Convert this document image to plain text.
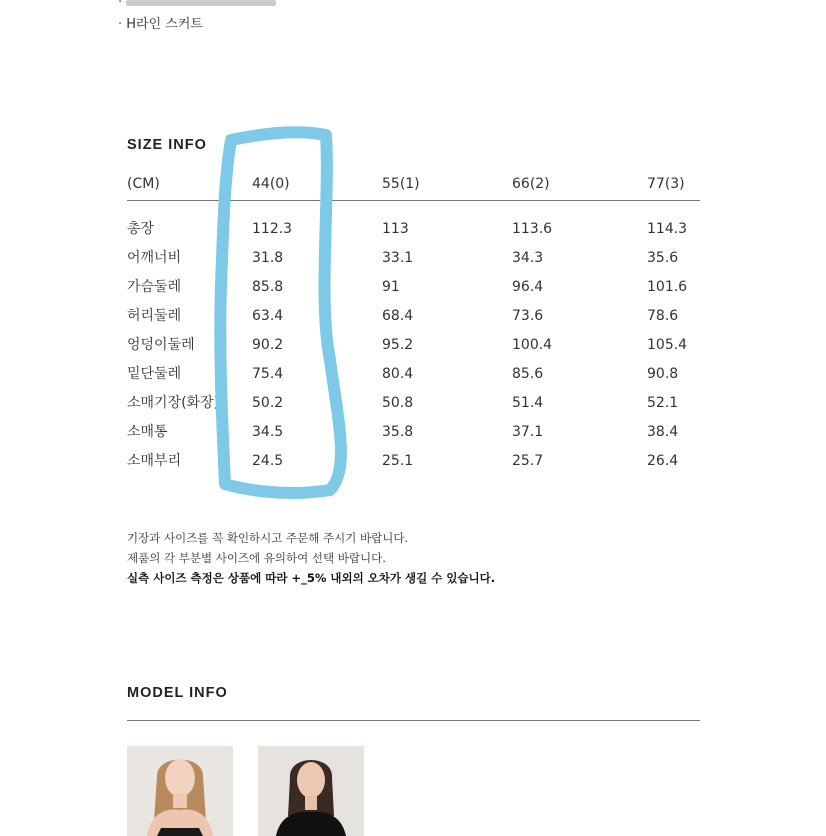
·
· H라인 스커트
SIZE INFO
(CM)	44(0)	55(1)	66(2)	77(3)
총장	112.3	113	113.6	114.3
어깨너비	31.8	33.1	34.3	35.6
가슴둘레	85.8	91	96.4	101.6
허리둘레	63.4	68.4	73.6	78.6
엉덩이둘레	90.2	95.2	100.4	105.4
밑단둘레	75.4	80.4	85.6	90.8
소매기장(화장) 50.2	50.8	51.4	52.1
소매통	34.5	35.8	37.1	38.4
소매부리	24.5	25.1	25.7	26.4
기장과 사이즈를 꼭 확인하시고 주문해 주시기 바랍니다.
제품의 각 부분별 사이즈에 유의하여 선택 바랍니다.
실측 사이즈 측정은 상품에 따라 +_5% 내외의 오차가 생길 수 있습니다.
MODEL INFO
